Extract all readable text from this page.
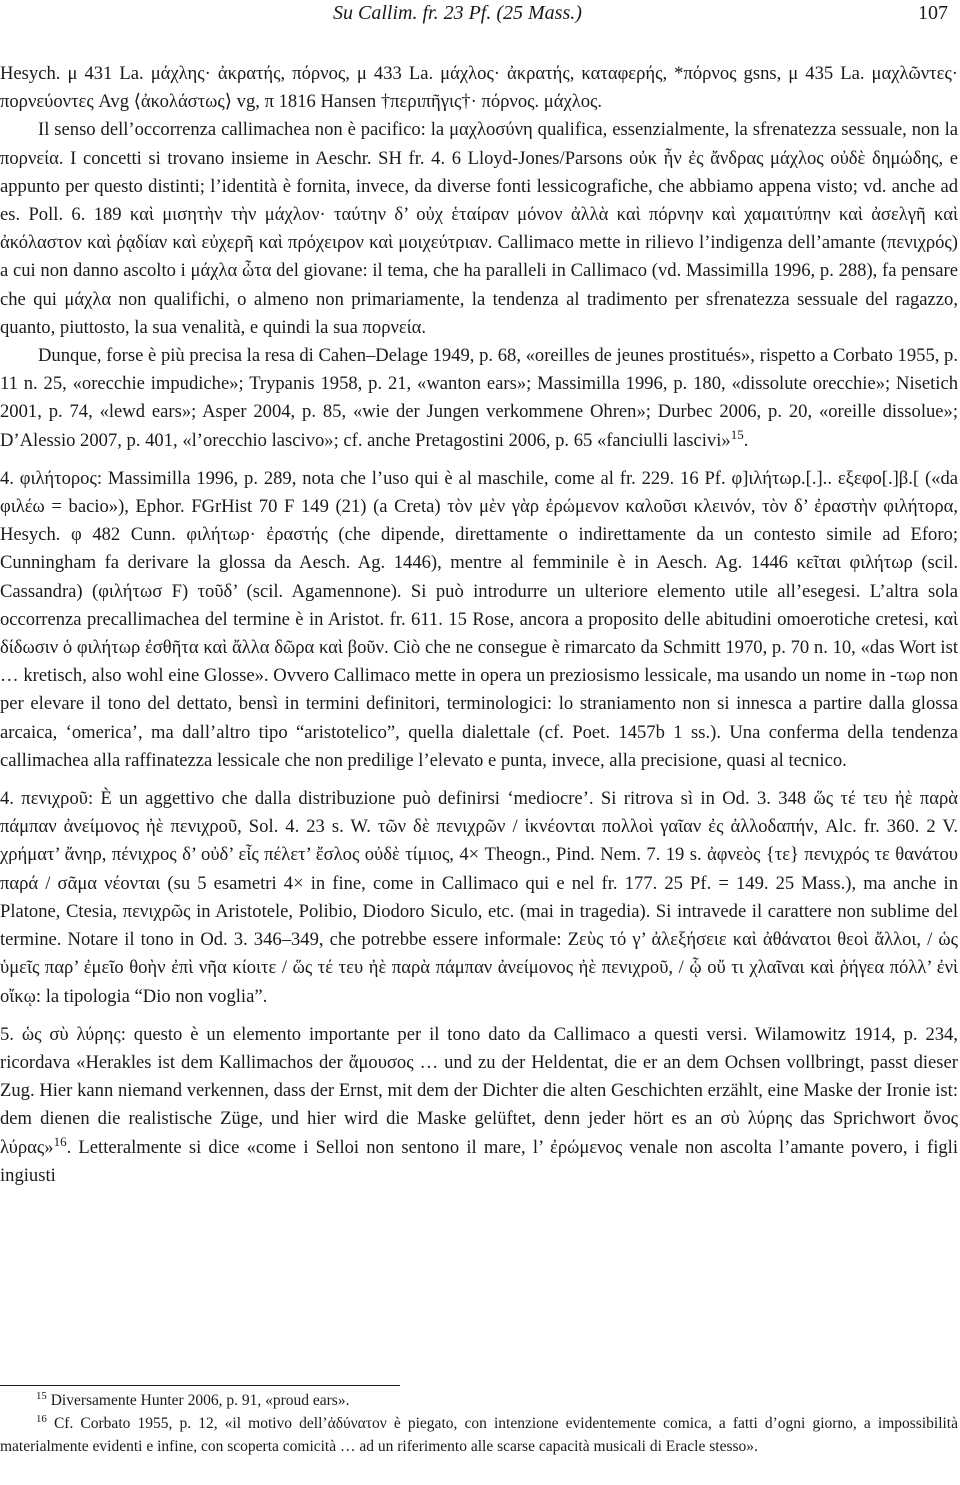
Su Callim. fr. 23 Pf. (25 Mass.)	107

Hesych. μ 431 La. μάχλης· ἀκρατής, πόρνος, μ 433 La. μάχλος· ἀκρατής, καταφερής, *πόρνος gsns, μ 435 La. μαχλῶντες· πορνεύοντες Avg ⟨ἀκολάστως⟩ vg, π 1816 Hansen †περιπῆγις†· πόρνος. μάχλος.

Il senso dell’occorrenza callimachea non è pacifico: la μαχλοσύνη qualifica, essenzialmente, la sfrenatezza sessuale, non la πορνεία. I concetti si trovano insieme in Aeschr. SH fr. 4. 6 Lloyd-Jones/Parsons οὐκ ἦν ἐς ἄνδρας μάχλος οὐδὲ δημώδης, e appunto per questo distinti; l’identità è fornita, invece, da diverse fonti lessicografiche, che abbiamo appena visto; vd. anche ad es. Poll. 6. 189 καὶ μισητὴν τὴν μάχλον· ταύτην δ’ οὐχ ἑταίραν μόνον ἀλλὰ καὶ πόρνην καὶ χαμαιτύπην καὶ ἀσελγῆ καὶ ἀκόλαστον καὶ ῥᾳδίαν καὶ εὐχερῆ καὶ πρόχειρον καὶ μοιχεύτριαν. Callimaco mette in rilievo l’indigenza dell’amante (πενιχρός) a cui non danno ascolto i μάχλα ὦτα del giovane: il tema, che ha paralleli in Callimaco (vd. Massimilla 1996, p. 288), fa pensare che qui μάχλα non qualifichi, o almeno non primariamente, la tendenza al tradimento per sfrenatezza sessuale del ragazzo, quanto, piuttosto, la sua venalità, e quindi la sua πορνεία.

Dunque, forse è più precisa la resa di Cahen–Delage 1949, p. 68, «oreilles de jeunes prostitués», rispetto a Corbato 1955, p. 11 n. 25, «orecchie impudiche»; Trypanis 1958, p. 21, «wanton ears»; Massimilla 1996, p. 180, «dissolute orecchie»; Nisetich 2001, p. 74, «lewd ears»; Asper 2004, p. 85, «wie der Jungen verkommene Ohren»; Durbec 2006, p. 20, «oreille dissolue»; D’Alessio 2007, p. 401, «l’orecchio lascivo»; cf. anche Pretagostini 2006, p. 65 «fanciulli lascivi»$^{15}$.

4. φιλήτορος: Massimilla 1996, p. 289, nota che l’uso qui è al maschile, come al fr. 229. 16 Pf. φ]ιλήτωρ.[.].. εξεφο[.]β.[ («da φιλέω = bacio»), Ephor. FGrHist 70 F 149 (21) (a Creta) τὸν μὲν γὰρ ἐρώμενον καλοῦσι κλεινόν, τὸν δ’ ἐραστὴν φιλήτορα, Hesych. φ 482 Cunn. φιλήτωρ· ἐραστής (che dipende, direttamente o indirettamente da un contesto simile ad Eforo; Cunningham fa derivare la glossa da Aesch. Ag. 1446), mentre al femminile è in Aesch. Ag. 1446 κεῖται φιλήτωρ (scil. Cassandra) (φιλήτωσ F) τοῦδ’ (scil. Agamennone). Si può introdurre un ulteriore elemento utile all’esegesi. L’altra sola occorrenza precallimachea del termine è in Aristot. fr. 611. 15 Rose, ancora a proposito delle abitudini omoerotiche cretesi, καὶ δίδωσιν ὁ φιλήτωρ ἐσθῆτα καὶ ἄλλα δῶρα καὶ βοῦν. Ciò che ne consegue è rimarcato da Schmitt 1970, p. 70 n. 10, «das Wort ist … kretisch, also wohl eine Glosse». Ovvero Callimaco mette in opera un preziosismo lessicale, ma usando un nome in -τωρ non per elevare il tono del dettato, bensì in termini definitori, terminologici: lo straniamento non si innesca a partire dalla glossa arcaica, ‘omerica’, ma dall’altro tipo “aristotelico”, quella dialettale (cf. Poet. 1457b 1 ss.). Una conferma della tendenza callimachea alla raffinatezza lessicale che non predilige l’elevato e punta, invece, alla precisione, quasi al tecnico.

4. πενιχροῦ: È un aggettivo che dalla distribuzione può definirsi ‘mediocre’. Si ritrova sì in Od. 3. 348 ὥς τέ τευ ἠὲ παρὰ πάμπαν ἀνείμονος ἠὲ πενιχροῦ, Sol. 4. 23 s. W. τῶν δὲ πενιχρῶν / ἱκνέονται πολλοὶ γαῖαν ἐς ἀλλοδαπήν, Alc. fr. 360. 2 V. χρήματ’ ἄνηρ, πένιχρος δ’ οὐδ’ εἶς πέλετ’ ἔσλος οὐδὲ τίμιος, 4× Theogn., Pind. Nem. 7. 19 s. ἀφνεὸς {τε} πενιχρός τε θανάτου παρά / σᾶμα νέονται (su 5 esametri 4× in fine, come in Callimaco qui e nel fr. 177. 25 Pf. = 149. 25 Mass.), ma anche in Platone, Ctesia, πενιχρῶς in Aristotele, Polibio, Diodoro Siculo, etc. (mai in tragedia). Si intravede il carattere non sublime del termine. Notare il tono in Od. 3. 346–349, che potrebbe essere informale: Ζεὺς τό γ’ ἀλεξήσειε καὶ ἀθάνατοι θεοὶ ἄλλοι, / ὡς ὑμεῖς παρ’ ἐμεῖο θοὴν ἐπὶ νῆα κίοιτε / ὥς τέ τευ ἠὲ παρὰ πάμπαν ἀνείμονος ἠὲ πενιχροῦ, / ᾧ οὔ τι χλαῖναι καὶ ῥήγεα πόλλ’ ἐνὶ οἴκῳ: la tipologia “Dio non voglia”.

5. ὡς σὺ λύρης: questo è un elemento importante per il tono dato da Callimaco a questi versi. Wilamowitz 1914, p. 234, ricordava «Herakles ist dem Kallimachos der ἄμουσος … und zu der Heldentat, die er an dem Ochsen vollbringt, passt dieser Zug. Hier kann niemand verkennen, dass der Ernst, mit dem der Dichter die alten Geschichten erzählt, eine Maske der Ironie ist: dem dienen die realistische Züge, und hier wird die Maske gelüftet, denn jeder hört es an σὺ λύρης das Sprichwort ὄνος λύρας»$^{16}$. Letteralmente si dice «come i Selloi non sentono il mare, l’ ἐρώμενος venale non ascolta l’amante povero, i figli ingiusti

$^{15}$ Diversamente Hunter 2006, p. 91, «proud ears».

$^{16}$ Cf. Corbato 1955, p. 12, «il motivo dell’ἀδύνατον è piegato, con intenzione evidentemente comica, a fatti d’ogni giorno, a impossibilità materialmente evidenti e infine, con scoperta comicità … ad un riferimento alle scarse capacità musicali di Eracle stesso».
